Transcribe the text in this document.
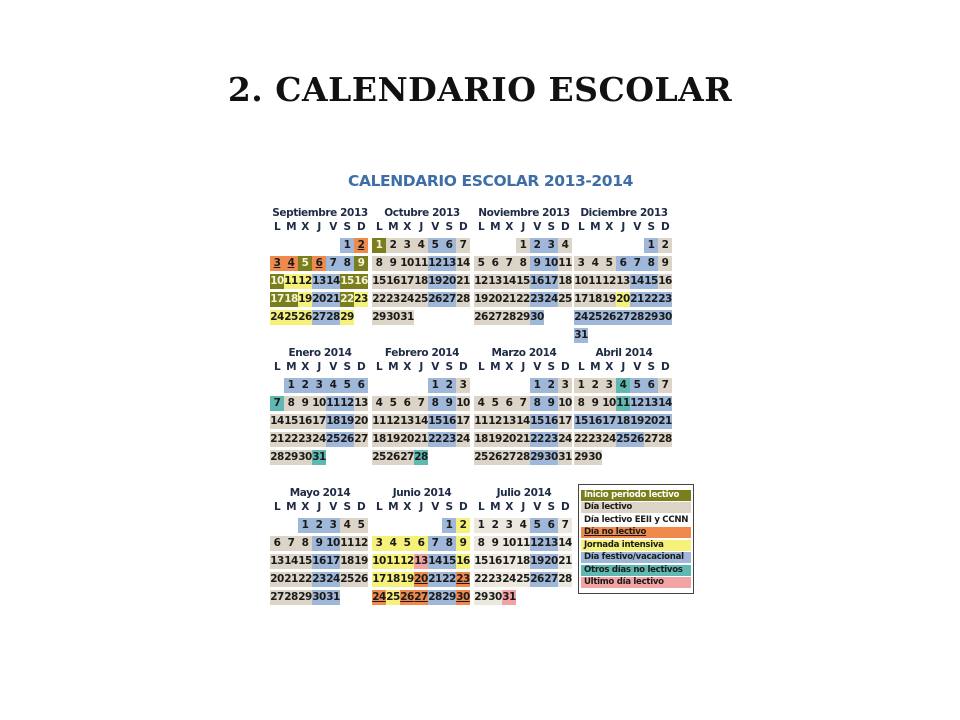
2. CALENDARIO ESCOLAR
CALENDARIO ESCOLAR 2013-2014
Septiembre 2013
L M X J V S D
1 2
3 4 5 6 7 8 9
10 11 12 13 14 15 16
17 18 19 20 21 22 23
24 25 26 27 28 29
Octubre 2013
L M X J V S D
1 2 3 4 5 6 7
8 9 10 11 12 13 14
15 16 17 18 19 20 21
22 23 24 25 26 27 28
29 30 31
Noviembre 2013
L M X J V S D
1 2 3 4
5 6 7 8 9 10 11
12 13 14 15 16 17 18
19 20 21 22 23 24 25
26 27 28 29 30
Diciembre 2013
L M X J V S D
1 2
3 4 5 6 7 8 9
10 11 12 13 14 15 16
17 18 19 20 21 22 23
24 25 26 27 28 29 30
31
Enero 2014
L M X J V S D
1 2 3 4 5 6
7 8 9 10 11 12 13
14 15 16 17 18 19 20
21 22 23 24 25 26 27
28 29 30 31
Febrero 2014
L M X J V S D
1 2 3
4 5 6 7 8 9 10
11 12 13 14 15 16 17
18 19 20 21 22 23 24
25 26 27 28
Marzo 2014
L M X J V S D
1 2 3
4 5 6 7 8 9 10
11 12 13 14 15 16 17
18 19 20 21 22 23 24
25 26 27 28 29 30 31
Abril 2014
L M X J V S D
1 2 3 4 5 6 7
8 9 10 11 12 13 14
15 16 17 18 19 20 21
22 23 24 25 26 27 28
29 30
Mayo 2014
L M X J V S D
1 2 3 4 5
6 7 8 9 10 11 12
13 14 15 16 17 18 19
20 21 22 23 24 25 26
27 28 29 30 31
Junio 2014
L M X J V S D
1 2
3 4 5 6 7 8 9
10 11 12 13 14 15 16
17 18 19 20 21 22 23
24 25 26 27 28 29 30
Julio 2014
L M X J V S D
1 2 3 4 5 6 7
8 9 10 11 12 13 14
15 16 17 18 19 20 21
22 23 24 25 26 27 28
29 30 31
Inicio periodo lectivo
Día lectivo
Día lectivo EEII y CCNN
Día no lectivo
Jornada intensiva
Día festivo/vacacional
Otros días no lectivos
Último día lectivo
